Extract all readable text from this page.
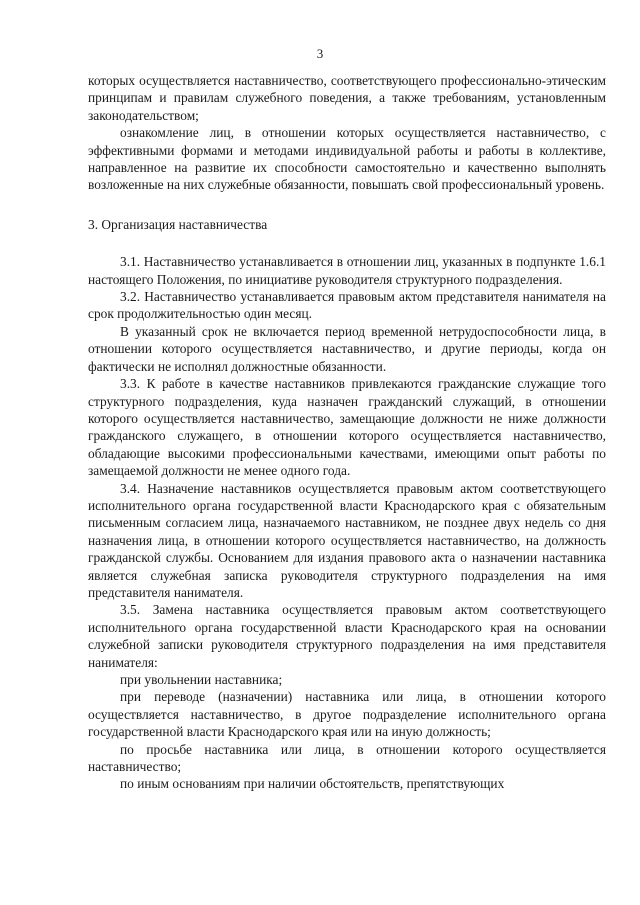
3

которых осуществляется наставничество, соответствующего профессионально-этическим принципам и правилам служебного поведения, а также требованиям, установленным законодательством;

ознакомление лиц, в отношении которых осуществляется наставничество, с эффективными формами и методами индивидуальной работы и работы в коллективе, направленное на развитие их способности самостоятельно и качественно выполнять возложенные на них служебные обязанности, повышать свой профессиональный уровень.

3. Организация наставничества

3.1. Наставничество устанавливается в отношении лиц, указанных в подпункте 1.6.1 настоящего Положения, по инициативе руководителя структурного подразделения.

3.2. Наставничество устанавливается правовым актом представителя нанимателя на срок продолжительностью один месяц.

В указанный срок не включается период временной нетрудоспособности лица, в отношении которого осуществляется наставничество, и другие периоды, когда он фактически не исполнял должностные обязанности.

3.3. К работе в качестве наставников привлекаются гражданские служащие того структурного подразделения, куда назначен гражданский служащий, в отношении которого осуществляется наставничество, замещающие должности не ниже должности гражданского служащего, в отношении которого осуществляется наставничество, обладающие высокими профессиональными качествами, имеющими опыт работы по замещаемой должности не менее одного года.

3.4. Назначение наставников осуществляется правовым актом соответствующего исполнительного органа государственной власти Краснодарского края с обязательным письменным согласием лица, назначаемого наставником, не позднее двух недель со дня назначения лица, в отношении которого осуществляется наставничество, на должность гражданской службы. Основанием для издания правового акта о назначении наставника является служебная записка руководителя структурного подразделения на имя представителя нанимателя.

3.5. Замена наставника осуществляется правовым актом соответствующего исполнительного органа государственной власти Краснодарского края на основании служебной записки руководителя структурного подразделения на имя представителя нанимателя:

при увольнении наставника;

при переводе (назначении) наставника или лица, в отношении которого осуществляется наставничество, в другое подразделение исполнительного органа государственной власти Краснодарского края или на иную должность;

по просьбе наставника или лица, в отношении которого осуществляется наставничество;

по иным основаниям при наличии обстоятельств, препятствующих
